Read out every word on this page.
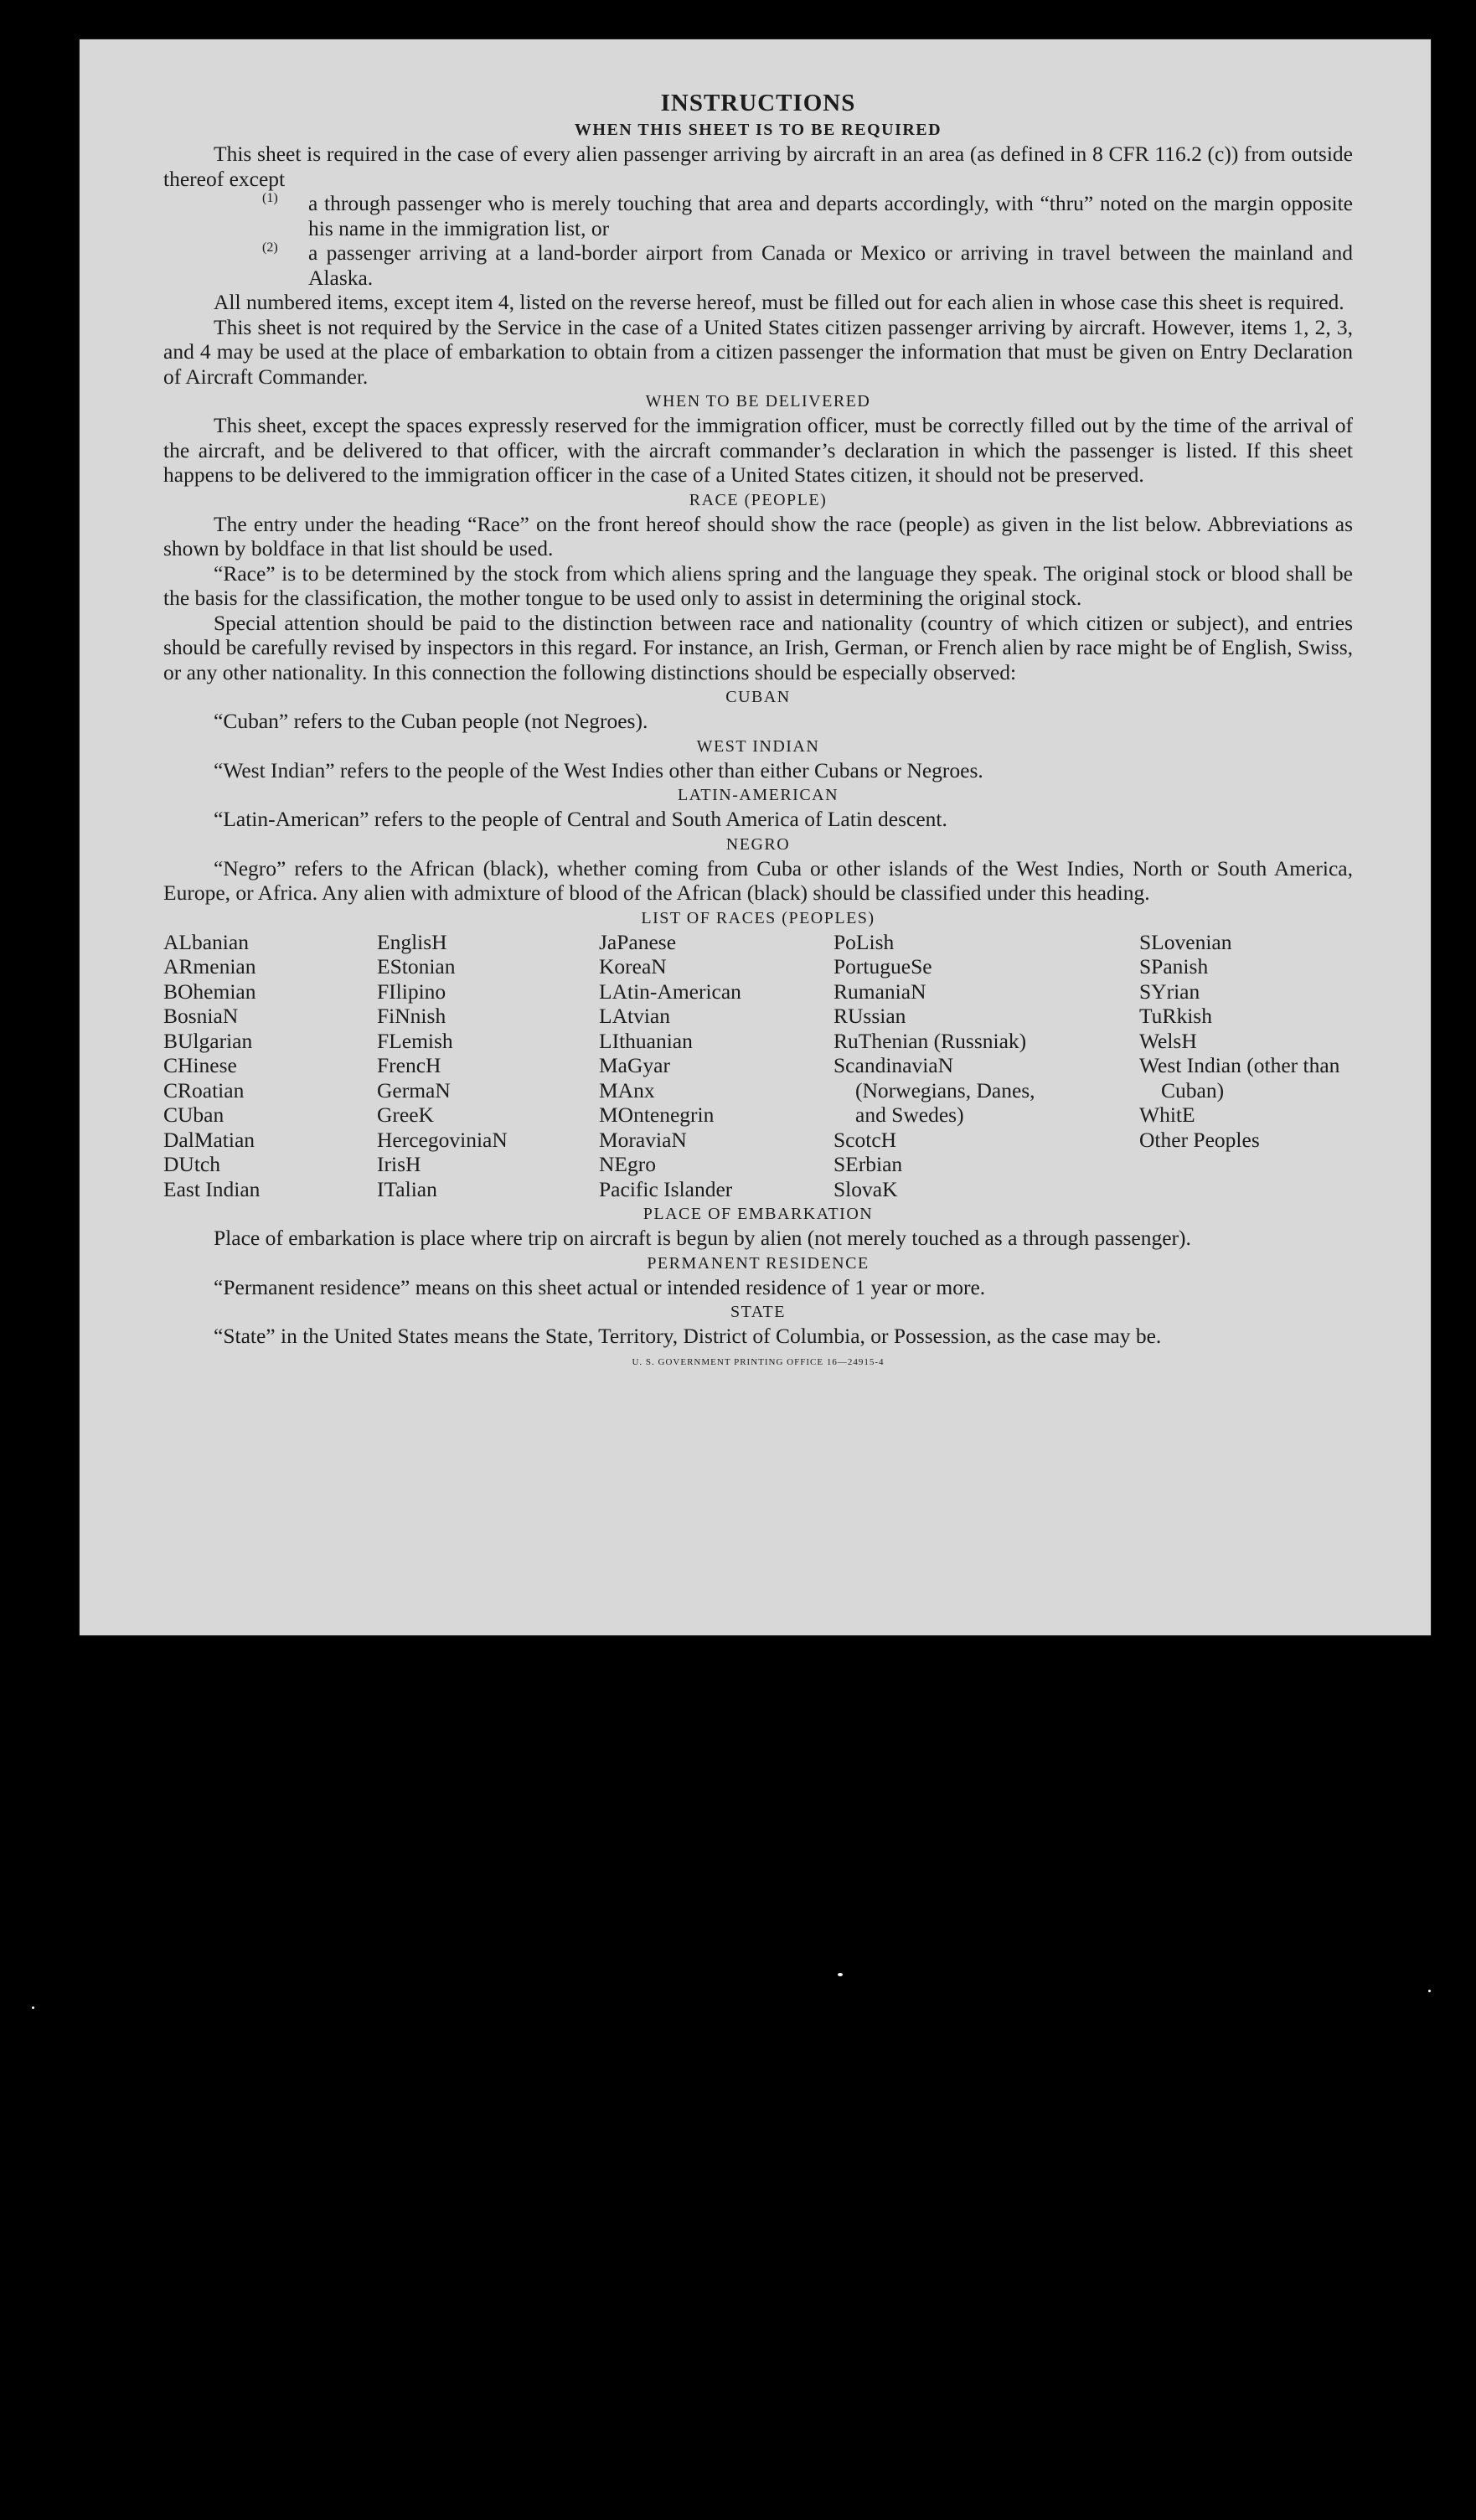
INSTRUCTIONS
WHEN THIS SHEET IS TO BE REQUIRED

This sheet is required in the case of every alien passenger arriving by aircraft in an area (as defined in 8 CFR 116.2 (c)) from outside thereof except

(1)	a through passenger who is merely touching that area and departs accordingly, with “thru” noted on the margin opposite his name in the immigration list, or

(2)	a passenger arriving at a land-border airport from Canada or Mexico or arriving in travel between the mainland and Alaska.

All numbered items, except item 4, listed on the reverse hereof, must be filled out for each alien in whose case this sheet is required.

This sheet is not required by the Service in the case of a United States citizen passenger arriving by aircraft. However, items 1, 2, 3, and 4 may be used at the place of embarkation to obtain from a citizen passenger the information that must be given on Entry Declaration of Aircraft Commander.

WHEN TO BE DELIVERED

This sheet, except the spaces expressly reserved for the immigration officer, must be correctly filled out by the time of the arrival of the aircraft, and be delivered to that officer, with the aircraft commander’s declaration in which the passenger is listed. If this sheet happens to be delivered to the immigration officer in the case of a United States citizen, it should not be preserved.

RACE (PEOPLE)

The entry under the heading “Race” on the front hereof should show the race (people) as given in the list below. Abbreviations as shown by boldface in that list should be used.

“Race” is to be determined by the stock from which aliens spring and the language they speak. The original stock or blood shall be the basis for the classification, the mother tongue to be used only to assist in determining the original stock.

Special attention should be paid to the distinction between race and nationality (country of which citizen or subject), and entries should be carefully revised by inspectors in this regard. For instance, an Irish, German, or French alien by race might be of English, Swiss, or any other nationality. In this connection the following distinctions should be especially observed:

CUBAN

“Cuban” refers to the Cuban people (not Negroes).

WEST INDIAN

“West Indian” refers to the people of the West Indies other than either Cubans or Negroes.

LATIN-AMERICAN

“Latin-American” refers to the people of Central and South America of Latin descent.

NEGRO

“Negro” refers to the African (black), whether coming from Cuba or other islands of the West Indies, North or South America, Europe, or Africa. Any alien with admixture of blood of the African (black) should be classified under this heading.

LIST OF RACES (PEOPLES)
ALbanian
ARmenian
BOhemian
BosniaN
BUlgarian
CHinese
CRoatian
CUban
DalMatian
DUtch
East Indian
EnglisH
EStonian
FIlipino
FiNnish
FLemish
FrencH
GermaN
GreeK
HercegoviniaN
IrisH
ITalian
JaPanese
KoreaN
LAtin-American
LAtvian
LIthuanian
MaGyar
MAnx
MOntenegrin
MoraviaN
NEgro
Pacific Islander
PoLish
PortugueSe
RumaniaN
RUssian
RuThenian (Russniak)
ScandinaviaN (Norwegians, Danes, and Swedes)
ScotcH
SErbian
SlovaK
SLovenian
SPanish
SYrian
TuRkish
WelsH
West Indian (other than Cuban)
WhitE
Other Peoples
PLACE OF EMBARKATION

Place of embarkation is place where trip on aircraft is begun by alien (not merely touched as a through passenger).

PERMANENT RESIDENCE

“Permanent residence” means on this sheet actual or intended residence of 1 year or more.

STATE

“State” in the United States means the State, Territory, District of Columbia, or Possession, as the case may be.

U. S. GOVERNMENT PRINTING OFFICE 16—24915-4
